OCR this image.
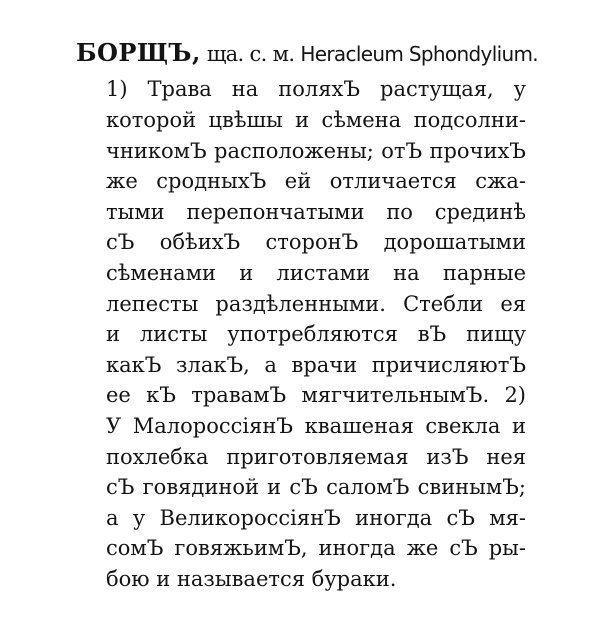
БОРЩЪ, ща. с. м. Heracleum Sphondylium.
1) Трава на поляхЪ растущая, у
которой цвѣшы и сѣмена подсолни-
чникомЪ расположены; отЪ прочихЪ
же сродныхЪ ей отличается сжа-
тыми перепончатыми по срединѣ
сЪ обѣихЪ сторонЪ дорошатыми
сѣменами и листами на парные
лепесты раздѣленными. Стебли ея
и листы употребляются вЪ пищу
какЪ злакЪ, а врачи причисляютЪ
ее кЪ травамЪ мягчительнымЪ. 2)
У МалороссіянЪ квашеная свекла и
похлебка приготовляемая изЪ нея
сЪ говядиной и сЪ саломЪ свинымЪ;
а у ВеликороссіянЪ иногда сЪ мя-
сомЪ говяжьимЪ, иногда же сЪ ры-
бою и называется бураки.
